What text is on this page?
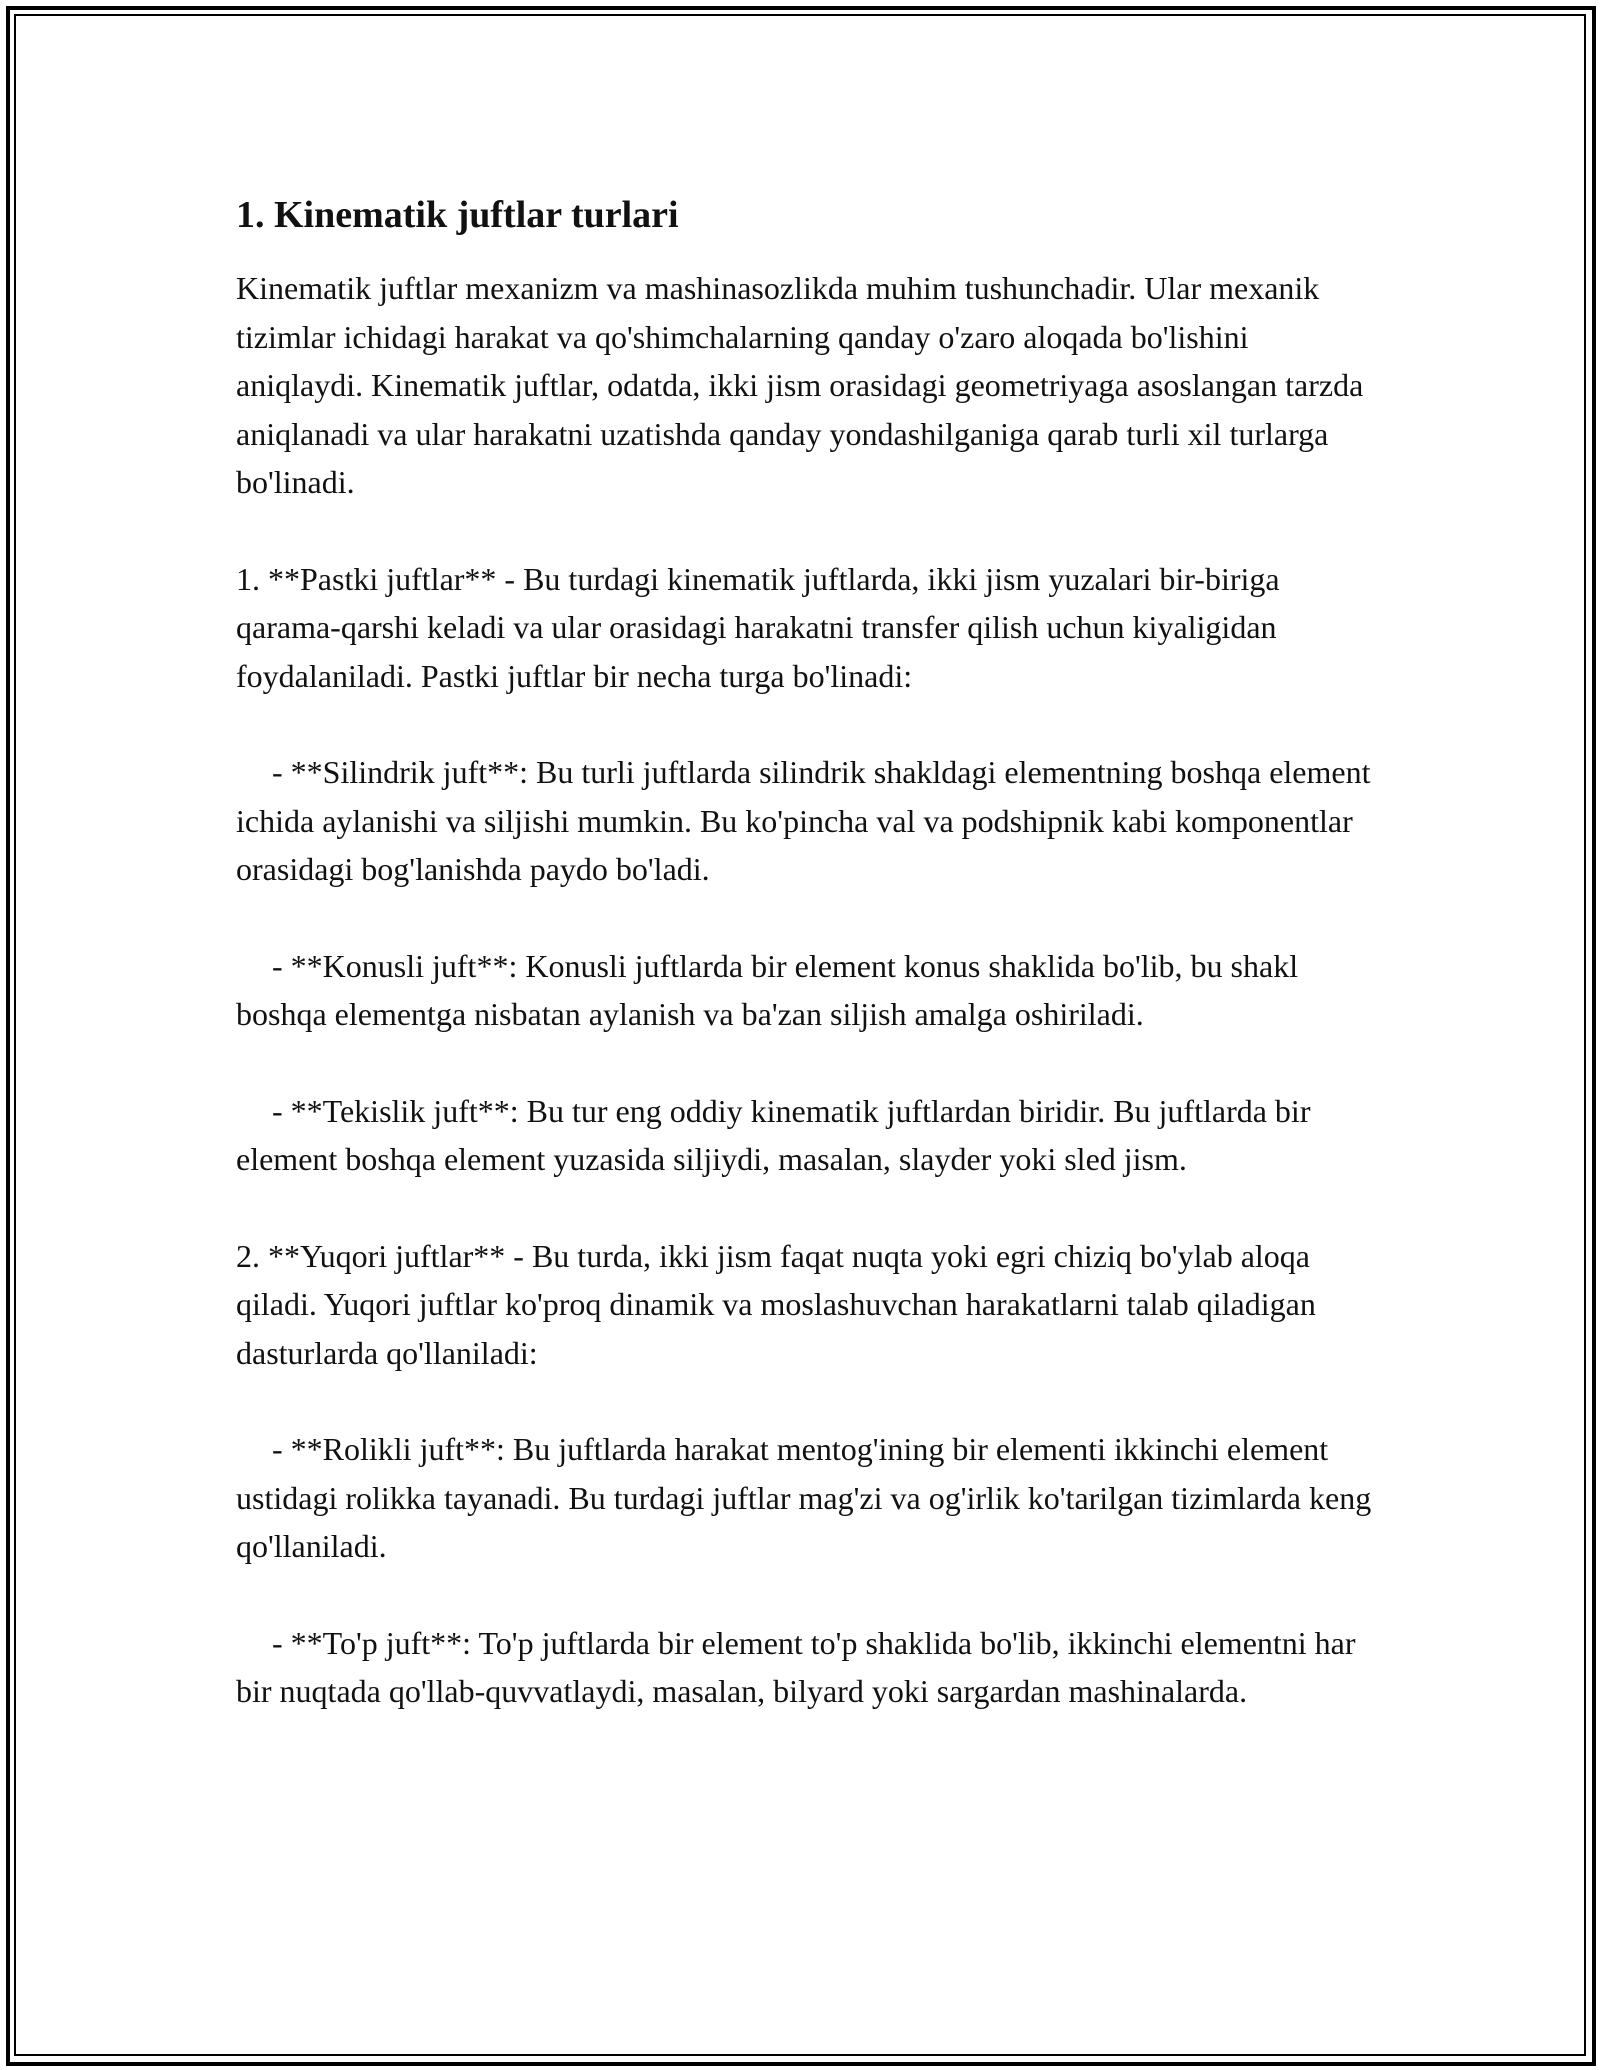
1. Kinematik juftlar turlari

Kinematik juftlar mexanizm va mashinasozlikda muhim tushunchadir. Ular mexanik tizimlar ichidagi harakat va qo'shimchalarning qanday o'zaro aloqada bo'lishini aniqlaydi. Kinematik juftlar, odatda, ikki jism orasidagi geometriyaga asoslangan tarzda aniqlanadi va ular harakatni uzatishda qanday yondashilganiga qarab turli xil turlarga bo'linadi.

1. **Pastki juftlar** - Bu turdagi kinematik juftlarda, ikki jism yuzalari bir-biriga qarama-qarshi keladi va ular orasidagi harakatni transfer qilish uchun kiyaligidan foydalaniladi. Pastki juftlar bir necha turga bo'linadi:

- **Silindrik juft**: Bu turli juftlarda silindrik shakldagi elementning boshqa element ichida aylanishi va siljishi mumkin. Bu ko'pincha val va podshipnik kabi komponentlar orasidagi bog'lanishda paydo bo'ladi.

- **Konusli juft**: Konusli juftlarda bir element konus shaklida bo'lib, bu shakl boshqa elementga nisbatan aylanish va ba'zan siljish amalga oshiriladi.

- **Tekislik juft**: Bu tur eng oddiy kinematik juftlardan biridir. Bu juftlarda bir element boshqa element yuzasida siljiydi, masalan, slayder yoki sled jism.

2. **Yuqori juftlar** - Bu turda, ikki jism faqat nuqta yoki egri chiziq bo'ylab aloqa qiladi. Yuqori juftlar ko'proq dinamik va moslashuvchan harakatlarni talab qiladigan dasturlarda qo'llaniladi:

- **Rolikli juft**: Bu juftlarda harakat mentog'ining bir elementi ikkinchi element ustidagi rolikka tayanadi. Bu turdagi juftlar mag'zi va og'irlik ko'tarilgan tizimlarda keng qo'llaniladi.

- **To'p juft**: To'p juftlarda bir element to'p shaklida bo'lib, ikkinchi elementni har bir nuqtada qo'llab-quvvatlaydi, masalan, bilyard yoki sargardan mashinalarda.
